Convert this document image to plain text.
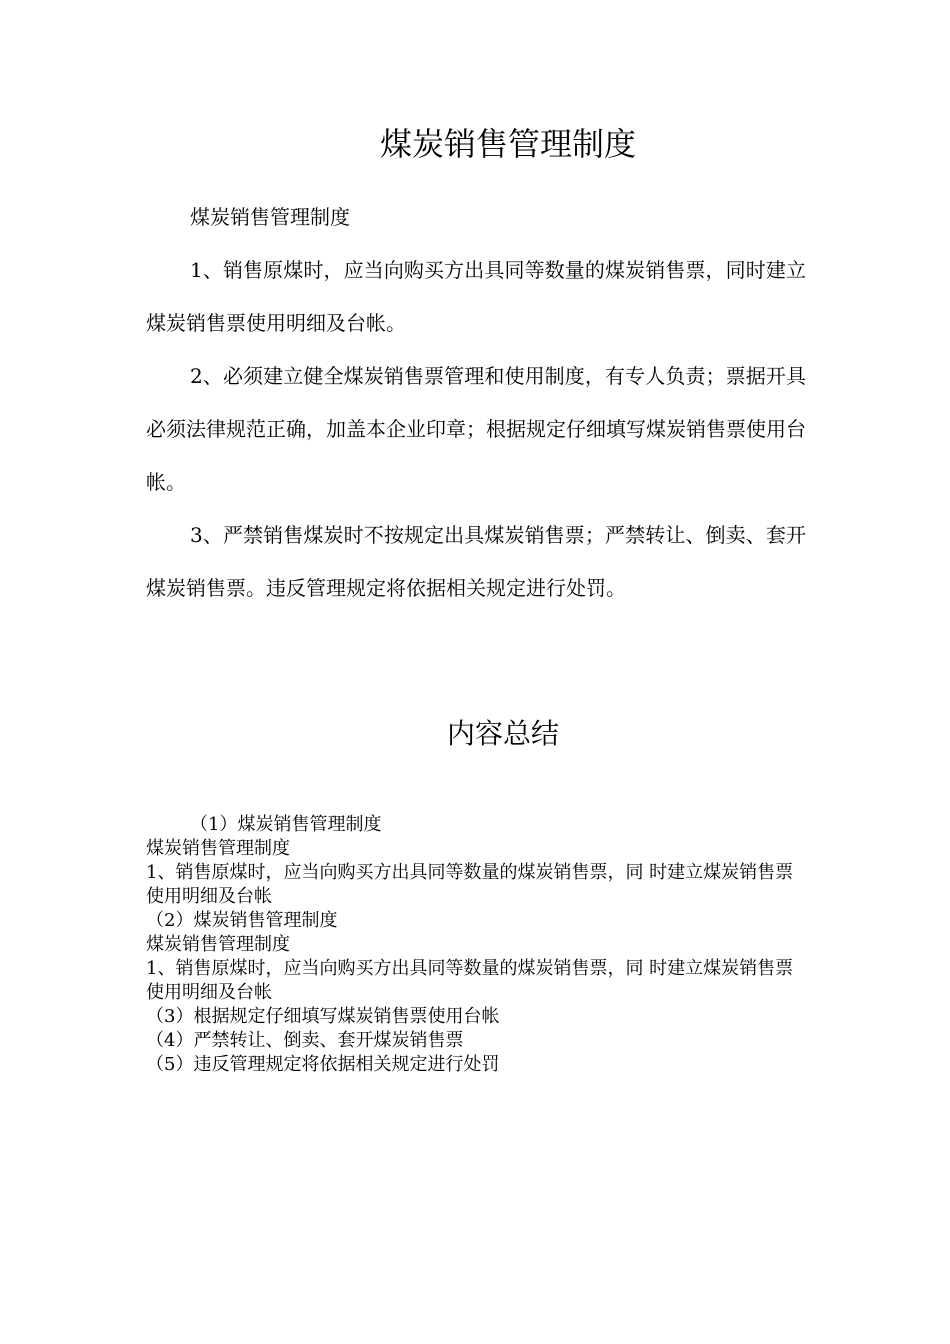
煤炭销售管理制度

煤炭销售管理制度

1、销售原煤时，应当向购买方出具同等数量的煤炭销售票，同时建立煤炭销售票使用明细及台帐。

2、必须建立健全煤炭销售票管理和使用制度，有专人负责；票据开具必须法律规范正确，加盖本企业印章；根据规定仔细填写煤炭销售票使用台帐。

3、严禁销售煤炭时不按规定出具煤炭销售票；严禁转让、倒卖、套开煤炭销售票。违反管理规定将依据相关规定进行处罚。

内容总结

（1）煤炭销售管理制度

煤炭销售管理制度

1、销售原煤时，应当向购买方出具同等数量的煤炭销售票，同 时建立煤炭销售票使用明细及台帐

（2）煤炭销售管理制度

煤炭销售管理制度

1、销售原煤时，应当向购买方出具同等数量的煤炭销售票，同 时建立煤炭销售票使用明细及台帐

（3）根据规定仔细填写煤炭销售票使用台帐

（4）严禁转让、倒卖、套开煤炭销售票

（5）违反管理规定将依据相关规定进行处罚
